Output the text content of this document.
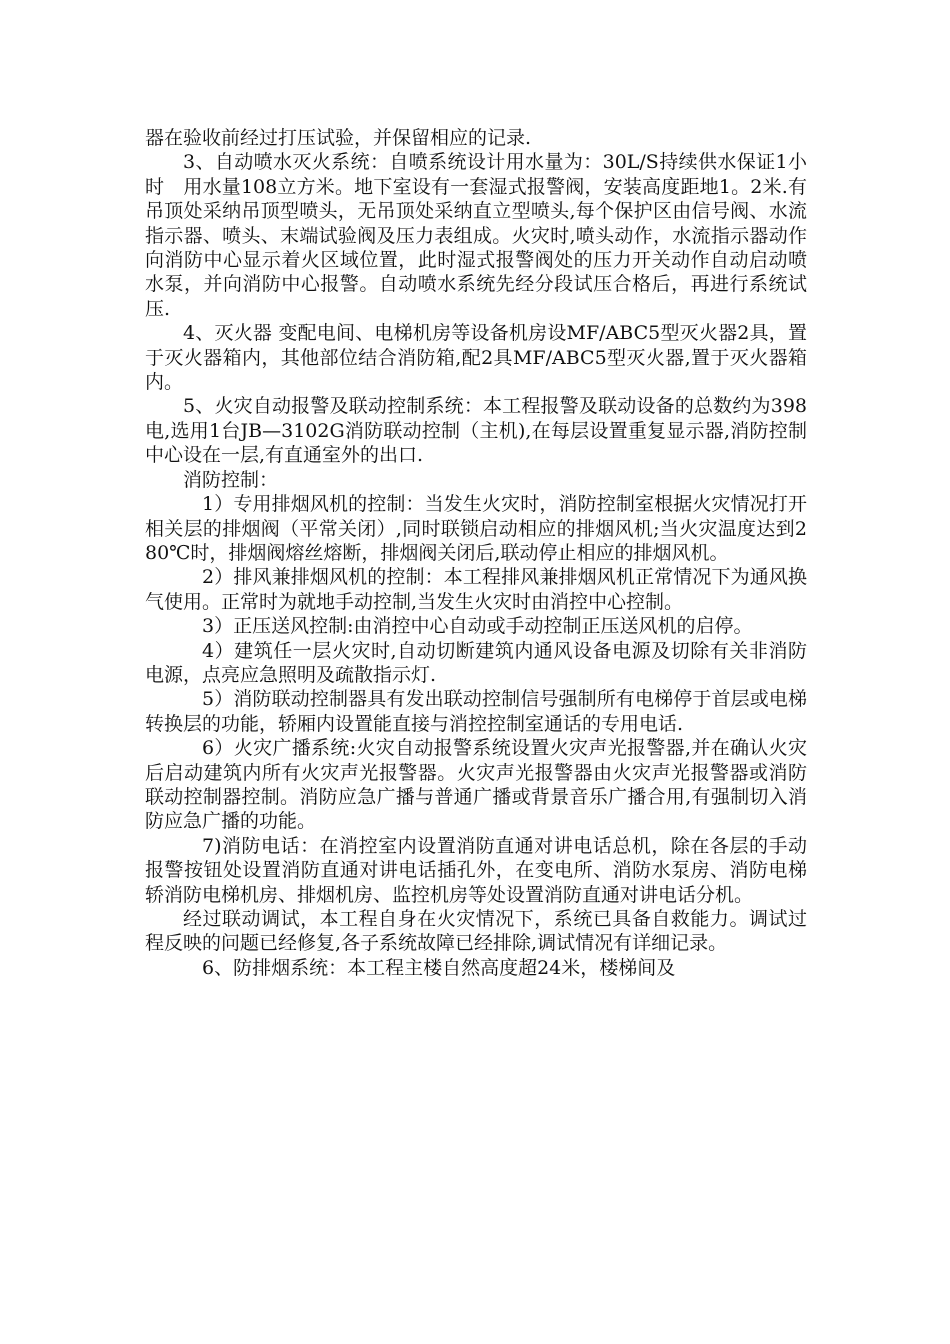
器在验收前经过打压试验，并保留相应的记录.

3、自动喷水灭火系统：自喷系统设计用水量为：30L/S持续供水保证1小时　用水量108立方米。地下室设有一套湿式报警阀，安装高度距地1。2米.有吊顶处采纳吊顶型喷头，无吊顶处采纳直立型喷头,每个保护区由信号阀、水流指示器、喷头、末端试验阀及压力表组成。火灾时,喷头动作，水流指示器动作向消防中心显示着火区域位置，此时湿式报警阀处的压力开关动作自动启动喷水泵，并向消防中心报警。自动喷水系统先经分段试压合格后，再进行系统试压.

4、灭火器 变配电间、电梯机房等设备机房设MF/ABC5型灭火器2具，置于灭火器箱内，其他部位结合消防箱,配2具MF/ABC5型灭火器,置于灭火器箱内。

5、火灾自动报警及联动控制系统：本工程报警及联动设备的总数约为398电,选用1台JB—3102G消防联动控制（主机),在每层设置重复显示器,消防控制中心设在一层,有直通室外的出口.

消防控制：

1）专用排烟风机的控制：当发生火灾时，消防控制室根据火灾情况打开相关层的排烟阀（平常关闭）,同时联锁启动相应的排烟风机;当火灾温度达到280℃时，排烟阀熔丝熔断，排烟阀关闭后,联动停止相应的排烟风机。

2）排风兼排烟风机的控制：本工程排风兼排烟风机正常情况下为通风换气使用。正常时为就地手动控制,当发生火灾时由消控中心控制。

3）正压送风控制:由消控中心自动或手动控制正压送风机的启停。

4）建筑任一层火灾时,自动切断建筑内通风设备电源及切除有关非消防电源，点亮应急照明及疏散指示灯.

5）消防联动控制器具有发出联动控制信号强制所有电梯停于首层或电梯转换层的功能，轿厢内设置能直接与消控控制室通话的专用电话.

6）火灾广播系统:火灾自动报警系统设置火灾声光报警器,并在确认火灾后启动建筑内所有火灾声光报警器。火灾声光报警器由火灾声光报警器或消防联动控制器控制。消防应急广播与普通广播或背景音乐广播合用,有强制切入消防应急广播的功能。

7)消防电话：在消控室内设置消防直通对讲电话总机，除在各层的手动报警按钮处设置消防直通对讲电话插孔外，在变电所、消防水泵房、消防电梯轿消防电梯机房、排烟机房、监控机房等处设置消防直通对讲电话分机。

经过联动调试，本工程自身在火灾情况下，系统已具备自救能力。调试过程反映的问题已经修复,各子系统故障已经排除,调试情况有详细记录。

6、防排烟系统：本工程主楼自然高度超24米，楼梯间及
